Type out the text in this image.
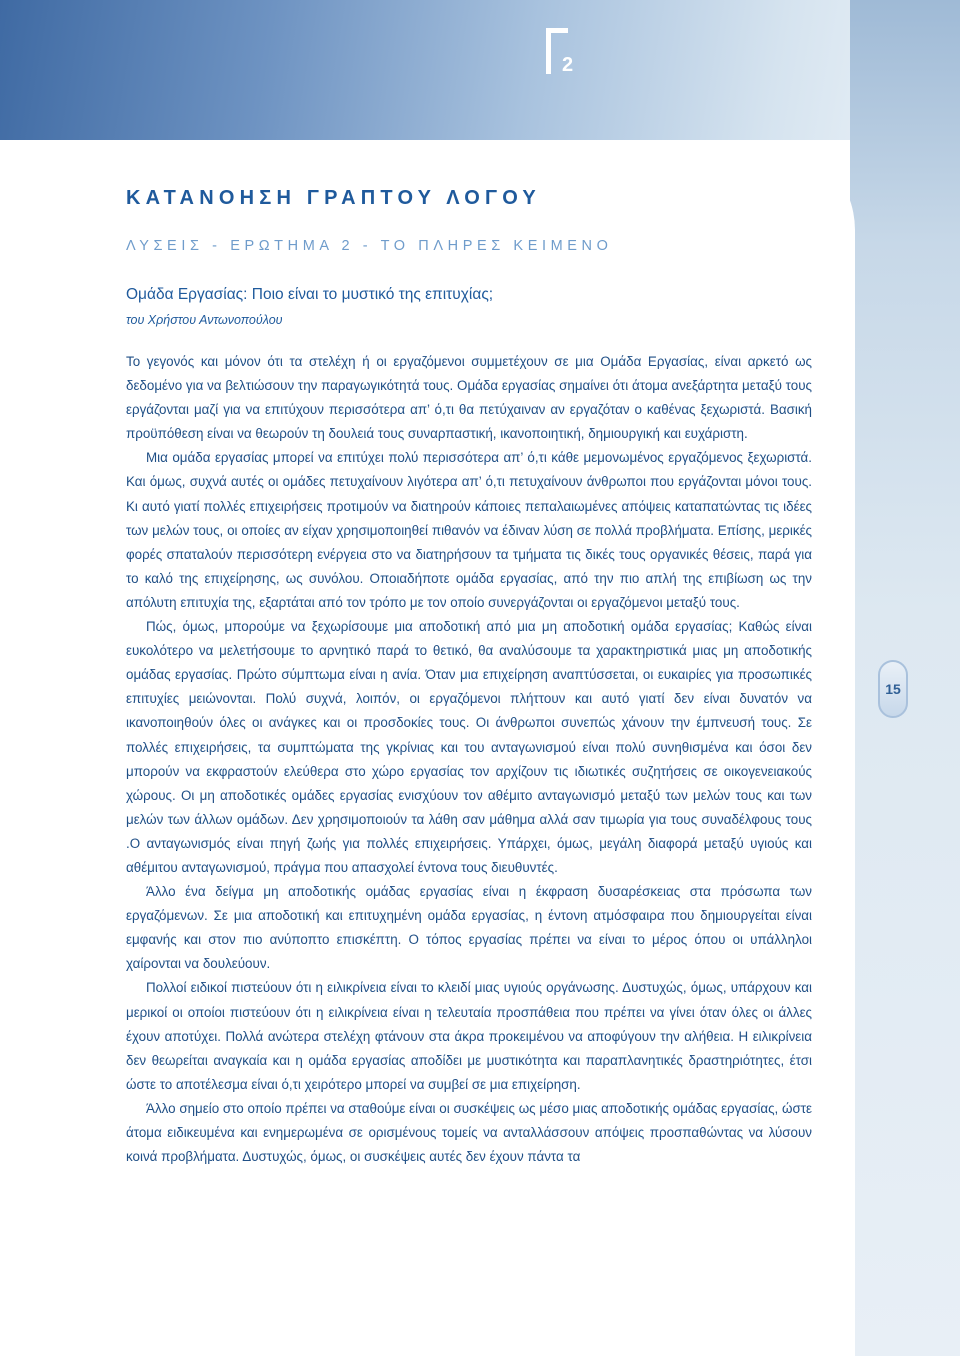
2
15
ΚΑΤΑΝΟΗΣΗ ΓΡΑΠΤΟΥ ΛΟΓΟΥ
ΛΥΣΕΙΣ - ΕΡΩΤΗΜΑ 2 - ΤΟ ΠΛΗΡΕΣ ΚΕΙΜΕΝΟ
Ομάδα Εργασίας: Ποιο είναι το μυστικό της επιτυχίας;
του Χρήστου Αντωνοπούλου

Το γεγονός και μόνον ότι τα στελέχη ή οι εργαζόμενοι συμμετέχουν σε μια Ομάδα Εργασίας, είναι αρκετό ως δεδομένο για να βελτιώσουν την παραγωγικότητά τους. Ομάδα εργασίας σημαίνει ότι άτομα ανεξάρτητα μεταξύ τους εργάζονται μαζί για να επιτύχουν περισσότερα απ’ ό,τι θα πετύχαιναν αν εργαζόταν ο καθένας ξεχωριστά. Βασική προϋπόθεση είναι να θεωρούν τη δουλειά τους συναρπαστική, ικανοποιητική, δημιουργική και ευχάριστη.

Μια ομάδα εργασίας μπορεί να επιτύχει πολύ περισσότερα απ’ ό,τι κάθε μεμονωμένος εργαζόμενος ξεχωριστά. Και όμως, συχνά αυτές οι ομάδες πετυχαίνουν λιγότερα απ’ ό,τι πετυχαίνουν άνθρωποι που εργάζονται μόνοι τους. Κι αυτό γιατί πολλές επιχειρήσεις προτιμούν να διατηρούν κάποιες πεπαλαιωμένες απόψεις καταπατώντας τις ιδέες των μελών τους, οι οποίες αν είχαν χρησιμοποιηθεί πιθανόν να έδιναν λύση σε πολλά προβλήματα. Επίσης, μερικές φορές σπαταλούν περισσότερη ενέργεια στο να διατηρήσουν τα τμήματα τις δικές τους οργανικές θέσεις, παρά για το καλό της επιχείρησης, ως συνόλου. Οποιαδήποτε ομάδα εργασίας, από την πιο απλή της επιβίωση ως την απόλυτη επιτυχία της, εξαρτάται από τον τρόπο με τον οποίο συνεργάζονται οι εργαζόμενοι μεταξύ τους.

Πώς, όμως, μπορούμε να ξεχωρίσουμε μια αποδοτική από μια μη αποδοτική ομάδα εργασίας; Καθώς είναι ευκολότερο να μελετήσουμε το αρνητικό παρά το θετικό, θα αναλύσουμε τα χαρακτηριστικά μιας μη αποδοτικής ομάδας εργασίας. Πρώτο σύμπτωμα είναι η ανία. Όταν μια επιχείρηση αναπτύσσεται, οι ευκαιρίες για προσωπικές επιτυχίες μειώνονται. Πολύ συχνά, λοιπόν, οι εργαζόμενοι πλήττουν και αυτό γιατί δεν είναι δυνατόν να ικανοποιηθούν όλες οι ανάγκες και οι προσδοκίες τους. Οι άνθρωποι συνεπώς χάνουν την έμπνευσή τους. Σε πολλές επιχειρήσεις, τα συμπτώματα της γκρίνιας και του ανταγωνισμού είναι πολύ συνηθισμένα και όσοι δεν μπορούν να εκφραστούν ελεύθερα στο χώρο εργασίας τον αρχίζουν τις ιδιωτικές συζητήσεις σε οικογενειακούς χώρους. Οι μη αποδοτικές ομάδες εργασίας ενισχύουν τον αθέμιτο ανταγωνισμό μεταξύ των μελών τους και των μελών των άλλων ομάδων. Δεν χρησιμοποιούν τα λάθη σαν μάθημα αλλά σαν τιμωρία για τους συναδέλφους τους .Ο ανταγωνισμός είναι πηγή ζωής για πολλές επιχειρήσεις. Υπάρχει, όμως, μεγάλη διαφορά μεταξύ υγιούς και αθέμιτου ανταγωνισμού, πράγμα που απασχολεί έντονα τους διευθυντές.

Άλλο ένα δείγμα μη αποδοτικής ομάδας εργασίας είναι η έκφραση δυσαρέσκειας στα πρόσωπα των εργαζόμενων. Σε μια αποδοτική και επιτυχημένη ομάδα εργασίας, η έντονη ατμόσφαιρα που δημιουργείται είναι εμφανής και στον πιο ανύποπτο επισκέπτη. Ο τόπος εργασίας πρέπει να είναι το μέρος όπου οι υπάλληλοι χαίρονται να δουλεύουν.

Πολλοί ειδικοί πιστεύουν ότι η ειλικρίνεια είναι το κλειδί μιας υγιούς οργάνωσης. Δυστυχώς, όμως, υπάρχουν και μερικοί οι οποίοι πιστεύουν ότι η ειλικρίνεια είναι η τελευταία προσπάθεια που πρέπει να γίνει όταν όλες οι άλλες έχουν αποτύχει. Πολλά ανώτερα στελέχη φτάνουν στα άκρα προκειμένου να αποφύγουν την αλήθεια. Η ειλικρίνεια δεν θεωρείται αναγκαία και η ομάδα εργασίας αποδίδει με μυστικότητα και παραπλανητικές δραστηριότητες, έτσι ώστε το αποτέλεσμα είναι ό,τι χειρότερο μπορεί να συμβεί σε μια επιχείρηση.

Άλλο σημείο στο οποίο πρέπει να σταθούμε είναι οι συσκέψεις ως μέσο μιας αποδοτικής ομάδας εργασίας, ώστε άτομα ειδικευμένα και ενημερωμένα σε ορισμένους τομείς να ανταλλάσσουν απόψεις προσπαθώντας να λύσουν κοινά προβλήματα. Δυστυχώς, όμως, οι συσκέψεις αυτές δεν έχουν πάντα τα
